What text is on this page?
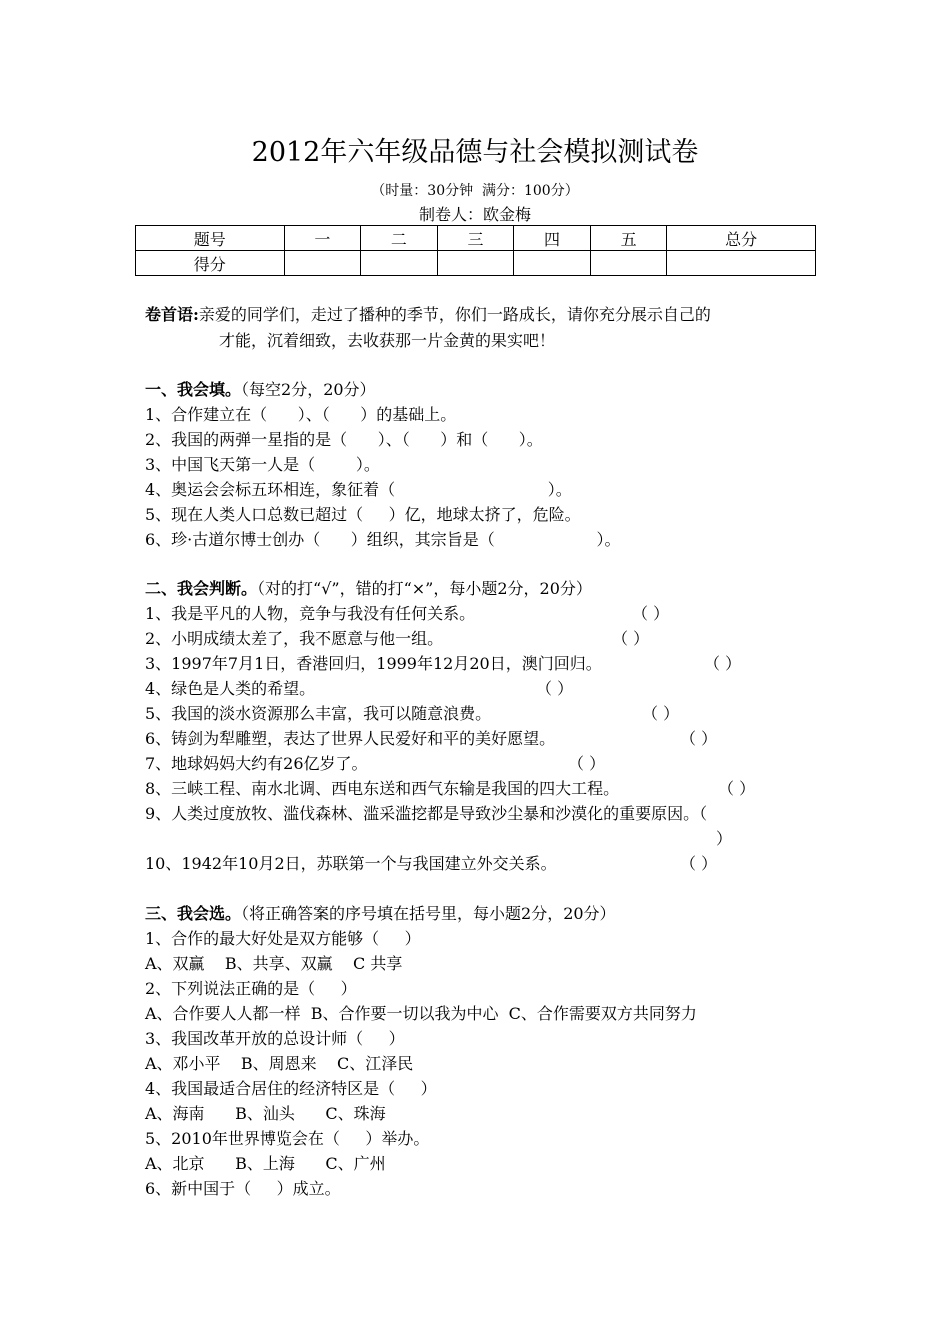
2012年六年级品德与社会模拟测试卷
（时量：30分钟  满分：100分）
制卷人：欧金梅
题号	一	二	三	四	五	总分
得分						
卷首语:亲爱的同学们，走过了播种的季节，你们一路成长，请你充分展示自己的
才能，沉着细致，去收获那一片金黄的果实吧！
一、我会填。（每空2分，20分）
1、合作建立在（      ）、（      ）的基础上。
2、我国的两弹一星指的是（      ）、（      ）和（      ）。
3、中国飞天第一人是（        ）。
4、奥运会会标五环相连，象征着（                              ）。
5、现在人类人口总数已超过（     ）亿，地球太挤了，危险。
6、珍·古道尔博士创办（      ）组织，其宗旨是（                    ）。
二、我会判断。（对的打“√”，错的打“×”，每小题2分，20分）
1、我是平凡的人物，竞争与我没有任何关系。	（ ）
2、小明成绩太差了，我不愿意与他一组。	（ ）
3、1997年7月1日，香港回归，1999年12月20日，澳门回归。	（ ）
4、绿色是人类的希望。	（ ）
5、我国的淡水资源那么丰富，我可以随意浪费。	（ ）
6、铸剑为犁雕塑，表达了世界人民爱好和平的美好愿望。	（ ）
7、地球妈妈大约有26亿岁了。	（ ）
8、三峡工程、南水北调、西电东送和西气东输是我国的四大工程。	（ ）
9、人类过度放牧、滥伐森林、滥采滥挖都是导致沙尘暴和沙漠化的重要原因。（
）
10、1942年10月2日，苏联第一个与我国建立外交关系。	（ ）
三、我会选。（将正确答案的序号填在括号里，每小题2分，20分）
1、合作的最大好处是双方能够（     ）
A、双赢    B、共享、双赢    C 共享
2、下列说法正确的是（     ）
A、合作要人人都一样  B、合作要一切以我为中心  C、合作需要双方共同努力
3、我国改革开放的总设计师（     ）
A、邓小平    B、周恩来    C、江泽民
4、我国最适合居住的经济特区是（     ）
A、海南      B、汕头      C、珠海
5、2010年世界博览会在（     ）举办。
A、北京      B、上海      C、广州
6、新中国于（     ）成立。
